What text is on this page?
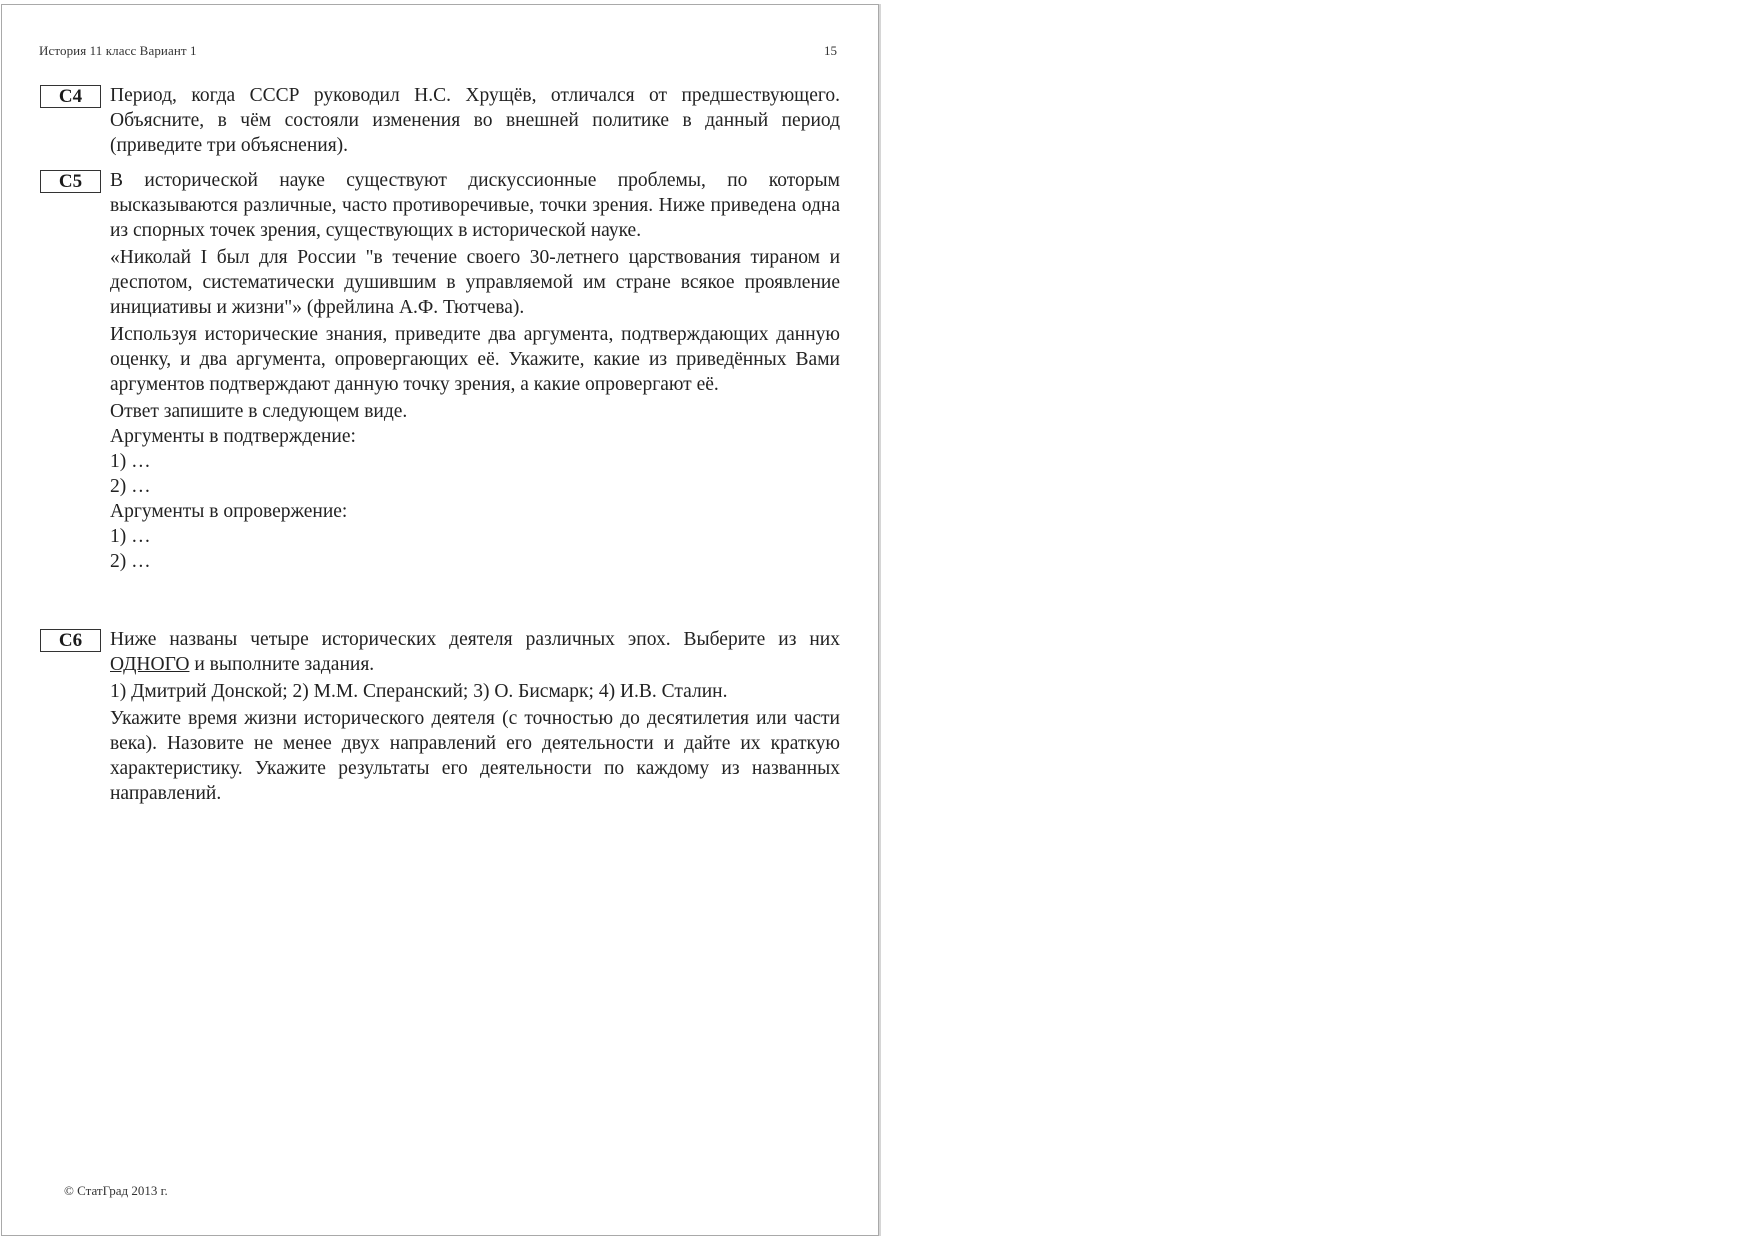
История 11 класс Вариант 1	15
С4	Период, когда СССР руководил Н.С. Хрущёв, отличался от предшествующего. Объясните, в чём состояли изменения во внешней политике в данный период (приведите три объяснения).

С5	В исторической науке существуют дискуссионные проблемы, по которым высказываются различные, часто противоречивые, точки зрения. Ниже приведена одна из спорных точек зрения, существующих в исторической науке.

«Николай I был для России "в течение своего 30-летнего царствования тираном и деспотом, систематически душившим в управляемой им стране всякое проявление инициативы и жизни"» (фрейлина А.Ф. Тютчева).

Используя исторические знания, приведите два аргумента, подтверждающих данную оценку, и два аргумента, опровергающих её. Укажите, какие из приведённых Вами аргументов подтверждают данную точку зрения, а какие опровергают её.

Ответ запишите в следующем виде.

Аргументы в подтверждение:

1) …

2) …

Аргументы в опровержение:

1) …

2) …

С6	Ниже названы четыре исторических деятеля различных эпох. Выберите из них ОДНОГО и выполните задания.

1) Дмитрий Донской; 2) М.М. Сперанский; 3) О. Бисмарк; 4) И.В. Сталин.

Укажите время жизни исторического деятеля (с точностью до десятилетия или части века). Назовите не менее двух направлений его деятельности и дайте их краткую характеристику. Укажите результаты его деятельности по каждому из названных направлений.

© СтатГрад 2013 г.
